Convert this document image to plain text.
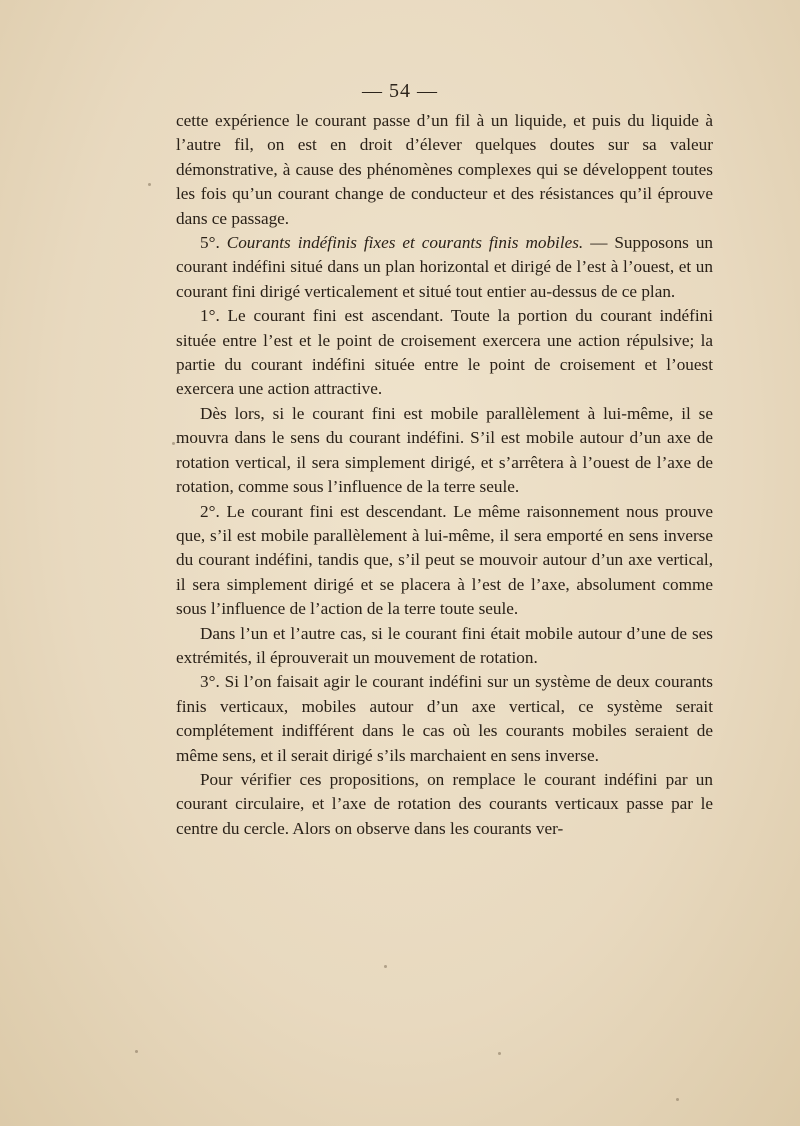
— 54 —

cette expérience le courant passe d’un fil à un liquide, et puis du liquide à l’autre fil, on est en droit d’élever quelques doutes sur sa valeur démonstrative, à cause des phénomènes complexes qui se développent toutes les fois qu’un courant change de conducteur et des résistances qu’il éprouve dans ce passage.

5°. Courants indéfinis fixes et courants finis mobiles. — Supposons un courant indéfini situé dans un plan horizontal et dirigé de l’est à l’ouest, et un courant fini dirigé verticalement et situé tout entier au-dessus de ce plan.

1°. Le courant fini est ascendant. Toute la portion du courant indéfini située entre l’est et le point de croisement exercera une action répulsive; la partie du courant indéfini située entre le point de croisement et l’ouest exercera une action attractive.

Dès lors, si le courant fini est mobile parallèlement à lui-même, il se mouvra dans le sens du courant indéfini. S’il est mobile autour d’un axe de rotation vertical, il sera simplement dirigé, et s’arrêtera à l’ouest de l’axe de rotation, comme sous l’influence de la terre seule.

2°. Le courant fini est descendant. Le même raisonnement nous prouve que, s’il est mobile parallèlement à lui-même, il sera emporté en sens inverse du courant indéfini, tandis que, s’il peut se mouvoir autour d’un axe vertical, il sera simplement dirigé et se placera à l’est de l’axe, absolument comme sous l’influence de l’action de la terre toute seule.

Dans l’un et l’autre cas, si le courant fini était mobile autour d’une de ses extrémités, il éprouverait un mouvement de rotation.

3°. Si l’on faisait agir le courant indéfini sur un système de deux courants finis verticaux, mobiles autour d’un axe vertical, ce système serait complétement indifférent dans le cas où les courants mobiles seraient de même sens, et il serait dirigé s’ils marchaient en sens inverse.

Pour vérifier ces propositions, on remplace le courant indéfini par un courant circulaire, et l’axe de rotation des courants verticaux passe par le centre du cercle. Alors on observe dans les courants ver-
